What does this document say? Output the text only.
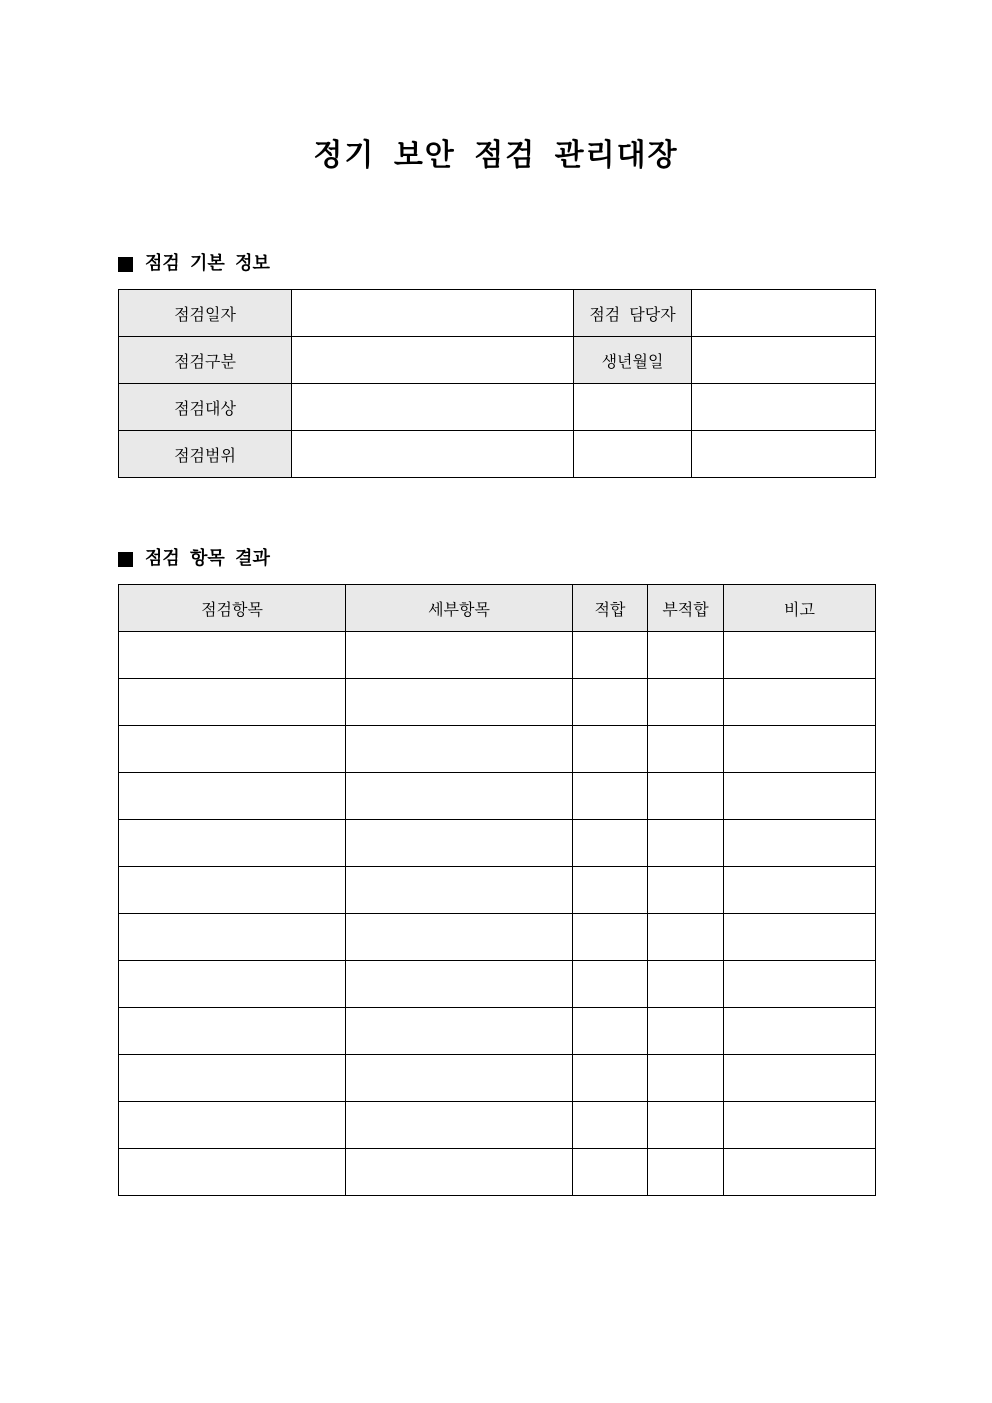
정기 보안 점검 관리대장
점검 기본 정보
점검일자		점검 담당자	
점검구분		생년월일	
점검대상			
점검범위			
점검 항목 결과
점검항목	세부항목	적합	부적합	비고
